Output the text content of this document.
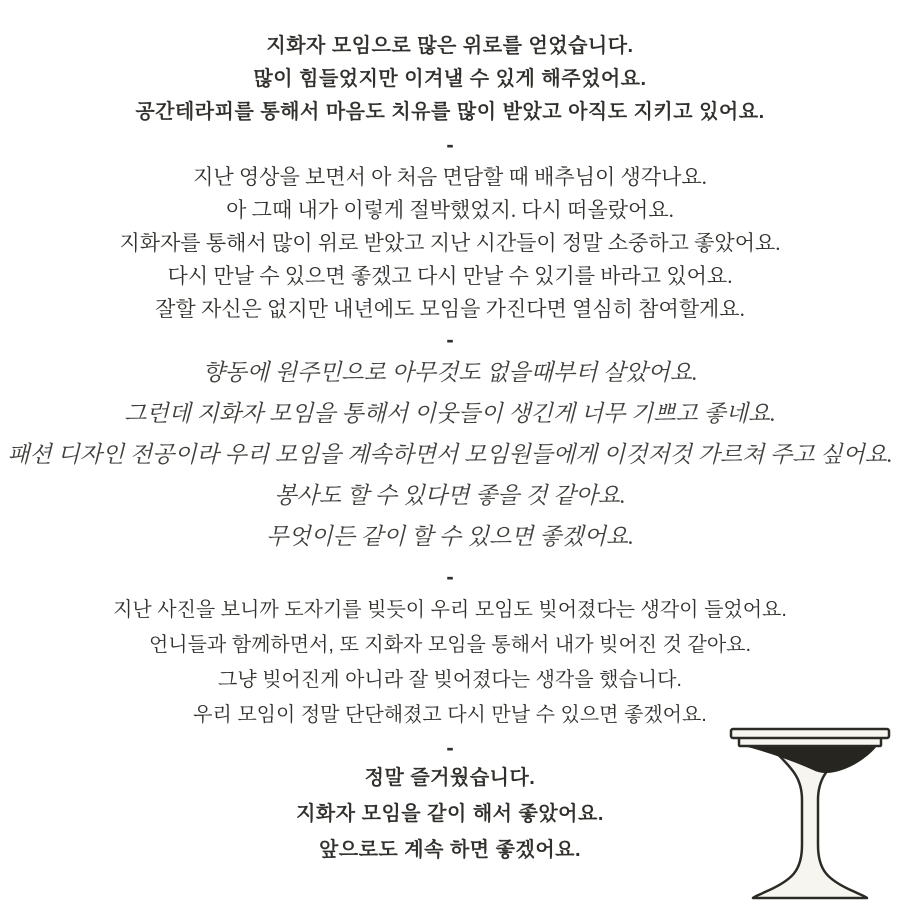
지화자 모임으로 많은 위로를 얻었습니다.
많이 힘들었지만 이겨낼 수 있게 해주었어요.
공간테라피를 통해서 마음도 치유를 많이 받았고 아직도 지키고 있어요.
-
지난 영상을 보면서 아 처음 면담할 때 배추님이 생각나요.
아 그때 내가 이렇게 절박했었지. 다시 떠올랐어요.
지화자를 통해서 많이 위로 받았고 지난 시간들이 정말 소중하고 좋았어요.
다시 만날 수 있으면 좋겠고 다시 만날 수 있기를 바라고 있어요.
잘할 자신은 없지만 내년에도 모임을 가진다면 열심히 참여할게요.
-
향동에 원주민으로 아무것도 없을때부터 살았어요.
그런데 지화자 모임을 통해서 이웃들이 생긴게 너무 기쁘고 좋네요.
패션 디자인 전공이라 우리 모임을 계속하면서 모임원들에게 이것저것 가르쳐 주고 싶어요.
봉사도 할 수 있다면 좋을 것 같아요.
무엇이든 같이 할 수 있으면 좋겠어요.
-
지난 사진을 보니까 도자기를 빚듯이 우리 모임도 빚어졌다는 생각이 들었어요.
언니들과 함께하면서, 또 지화자 모임을 통해서 내가 빚어진 것 같아요.
그냥 빚어진게 아니라 잘 빚어졌다는 생각을 했습니다.
우리 모임이 정말 단단해졌고 다시 만날 수 있으면 좋겠어요.
-
정말 즐거웠습니다.
지화자 모임을 같이 해서 좋았어요.
앞으로도 계속 하면 좋겠어요.
